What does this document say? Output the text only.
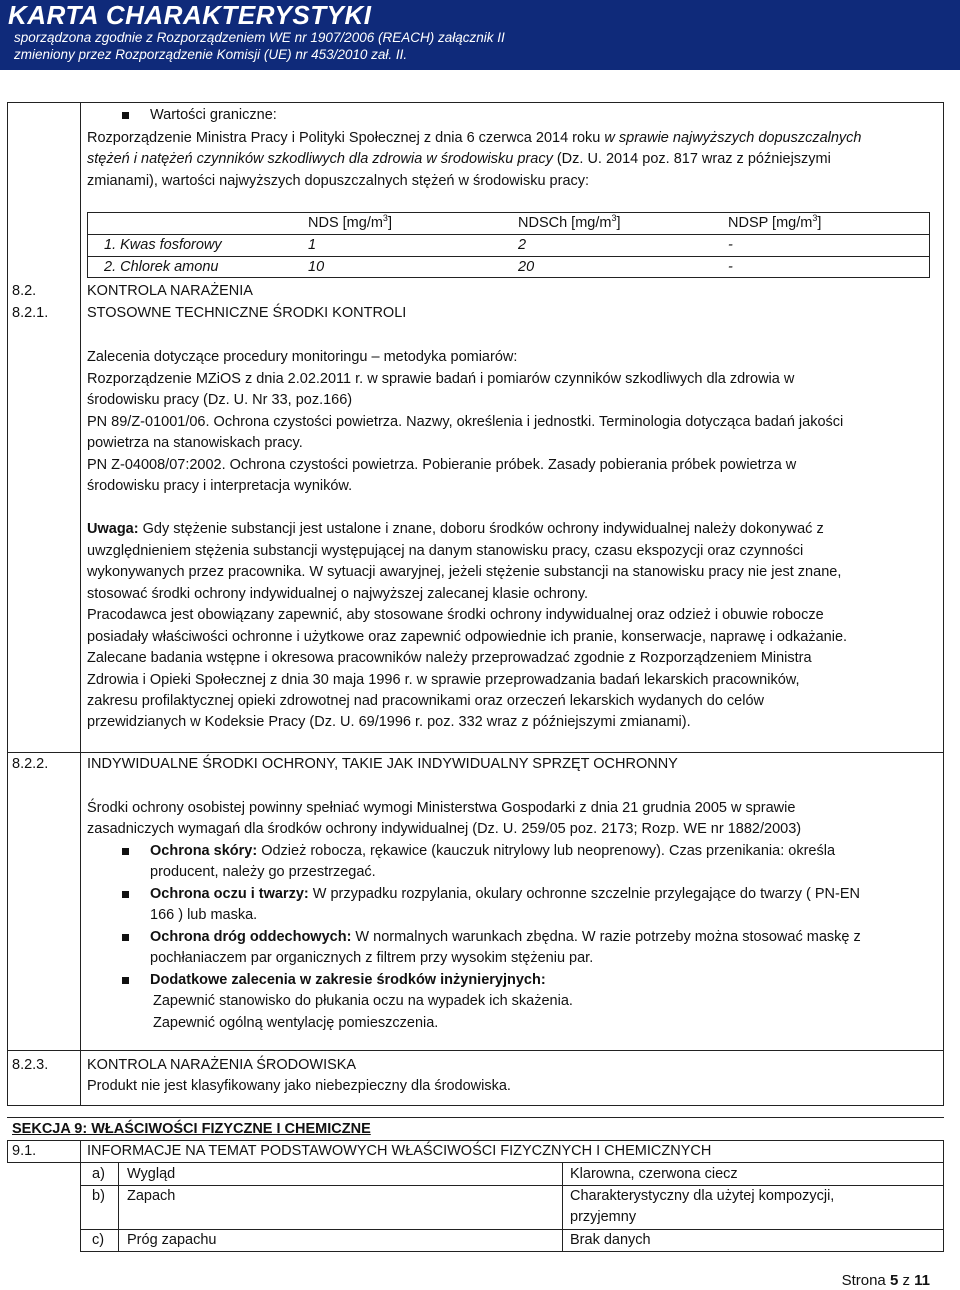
KARTA CHARAKTERYSTYKI
sporządzona zgodnie z Rozporządzeniem WE nr 1907/2006 (REACH) załącznik II
zmieniony przez Rozporządzenie Komisji (UE) nr 453/2010 zał. II.
Wartości graniczne:
Rozporządzenie Ministra Pracy i Polityki Społecznej z dnia 6 czerwca 2014 roku w sprawie najwyższych dopuszczalnych
stężeń i natężeń czynników szkodliwych dla zdrowia w środowisku pracy (Dz. U. 2014 poz. 817 wraz z późniejszymi
zmianami), wartości najwyższych dopuszczalnych stężeń w środowisku pracy:
NDS $[mg/m^3]$	NDSCh $[mg/m^3]$	NDSP $[mg/m^3]$
1. Kwas fosforowy	1	2	-
2. Chlorek amonu	10	20	-
8.2.	KONTROLA NARAŻENIA
8.2.1.	STOSOWNE TECHNICZNE ŚRODKI KONTROLI
Zalecenia dotyczące procedury monitoringu – metodyka pomiarów:
Rozporządzenie MZiOS z dnia 2.02.2011 r. w sprawie badań i pomiarów czynników szkodliwych dla zdrowia w
środowisku pracy (Dz. U. Nr 33, poz.166)
PN 89/Z-01001/06. Ochrona czystości powietrza. Nazwy, określenia i jednostki. Terminologia dotycząca badań jakości
powietrza na stanowiskach pracy.
PN Z-04008/07:2002. Ochrona czystości powietrza. Pobieranie próbek. Zasady pobierania próbek powietrza w
środowisku pracy i interpretacja wyników.
Uwaga: Gdy stężenie substancji jest ustalone i znane, doboru środków ochrony indywidualnej należy dokonywać z
uwzględnieniem stężenia substancji występującej na danym stanowisku pracy, czasu ekspozycji oraz czynności
wykonywanych przez pracownika. W sytuacji awaryjnej, jeżeli stężenie substancji na stanowisku pracy nie jest znane,
stosować środki ochrony indywidualnej o najwyższej zalecanej klasie ochrony.
Pracodawca jest obowiązany zapewnić, aby stosowane środki ochrony indywidualnej oraz odzież i obuwie robocze
posiadały właściwości ochronne i użytkowe oraz zapewnić odpowiednie ich pranie, konserwacje, naprawę i odkażanie.
Zalecane badania wstępne i okresowa pracowników należy przeprowadzać zgodnie z Rozporządzeniem Ministra
Zdrowia i Opieki Społecznej z dnia 30 maja 1996 r. w sprawie przeprowadzania badań lekarskich pracowników,
zakresu profilaktycznej opieki zdrowotnej nad pracownikami oraz orzeczeń lekarskich wydanych do celów
przewidzianych w Kodeksie Pracy (Dz. U. 69/1996 r. poz. 332 wraz z późniejszymi zmianami).
8.2.2.	INDYWIDUALNE ŚRODKI OCHRONY, TAKIE JAK INDYWIDUALNY SPRZĘT OCHRONNY
Środki ochrony osobistej powinny spełniać wymogi Ministerstwa Gospodarki z dnia 21 grudnia 2005 w sprawie
zasadniczych wymagań dla środków ochrony indywidualnej (Dz. U. 259/05 poz. 2173; Rozp. WE nr 1882/2003)
Ochrona skóry: Odzież robocza, rękawice (kauczuk nitrylowy lub neoprenowy). Czas przenikania: określa
producent, należy go przestrzegać.
Ochrona oczu i twarzy: W przypadku rozpylania, okulary ochronne szczelnie przylegające do twarzy ( PN-EN
166 ) lub maska.
Ochrona dróg oddechowych: W normalnych warunkach zbędna. W razie potrzeby można stosować maskę z
pochłaniaczem par organicznych z filtrem przy wysokim stężeniu par.
Dodatkowe zalecenia w zakresie środków inżynieryjnych:
Zapewnić stanowisko do płukania oczu na wypadek ich skażenia.
Zapewnić ogólną wentylację pomieszczenia.
8.2.3.	KONTROLA NARAŻENIA ŚRODOWISKA
Produkt nie jest klasyfikowany jako niebezpieczny dla środowiska.
SEKCJA 9: WŁAŚCIWOŚCI FIZYCZNE I CHEMICZNE
9.1.	INFORMACJE NA TEMAT PODSTAWOWYCH WŁAŚCIWOŚCI FIZYCZNYCH I CHEMICZNYCH
a) Wygląd	Klarowna, czerwona ciecz
b) Zapach	Charakterystyczny dla użytej kompozycji,
przyjemny
c) Próg zapachu	Brak danych
Strona 5 z 11
